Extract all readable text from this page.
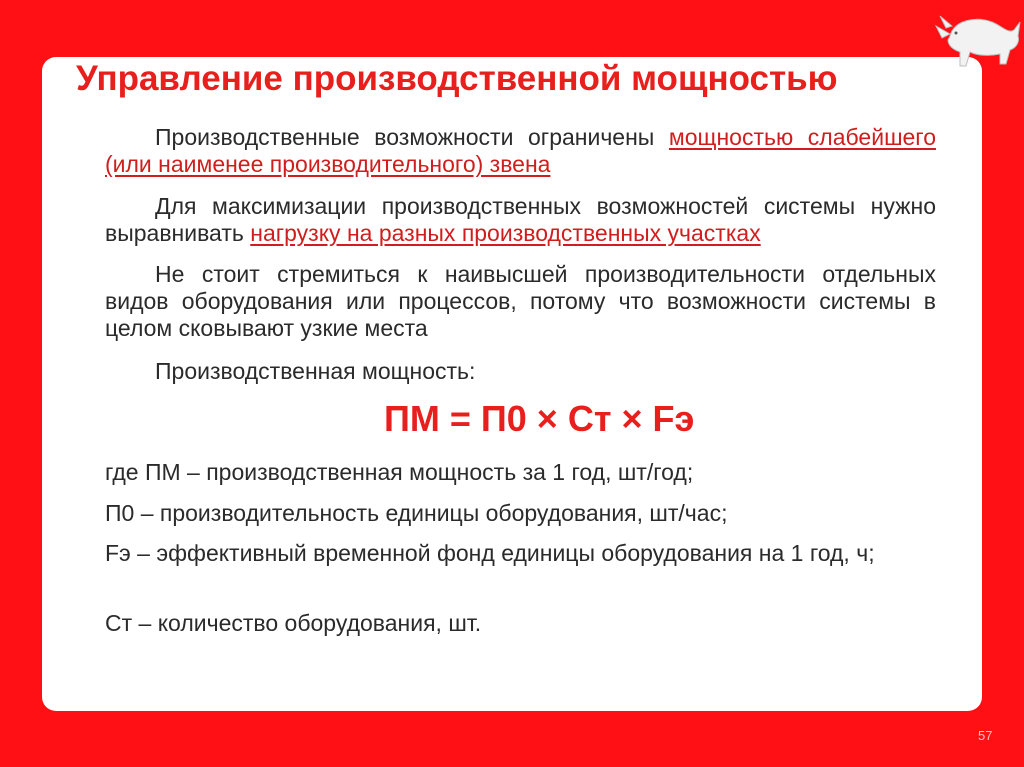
Управление производственной мощностью

Производственные возможности ограничены мощностью слабейшего (или наименее производительного) звена

Для максимизации производственных возможностей системы нужно выравнивать нагрузку на разных производственных участках

Не стоит стремиться к наивысшей производительности отдельных видов оборудования или процессов, потому что возможности системы в целом сковывают узкие места

Производственная мощность:

ПМ = П0 × Ст × Fэ

где ПМ – производственная мощность за 1 год, шт/год;

П0 – производительность единицы оборудования, шт/час;

Fэ – эффективный временной фонд единицы оборудования на 1 год, ч;

Ст – количество оборудования, шт.

57
